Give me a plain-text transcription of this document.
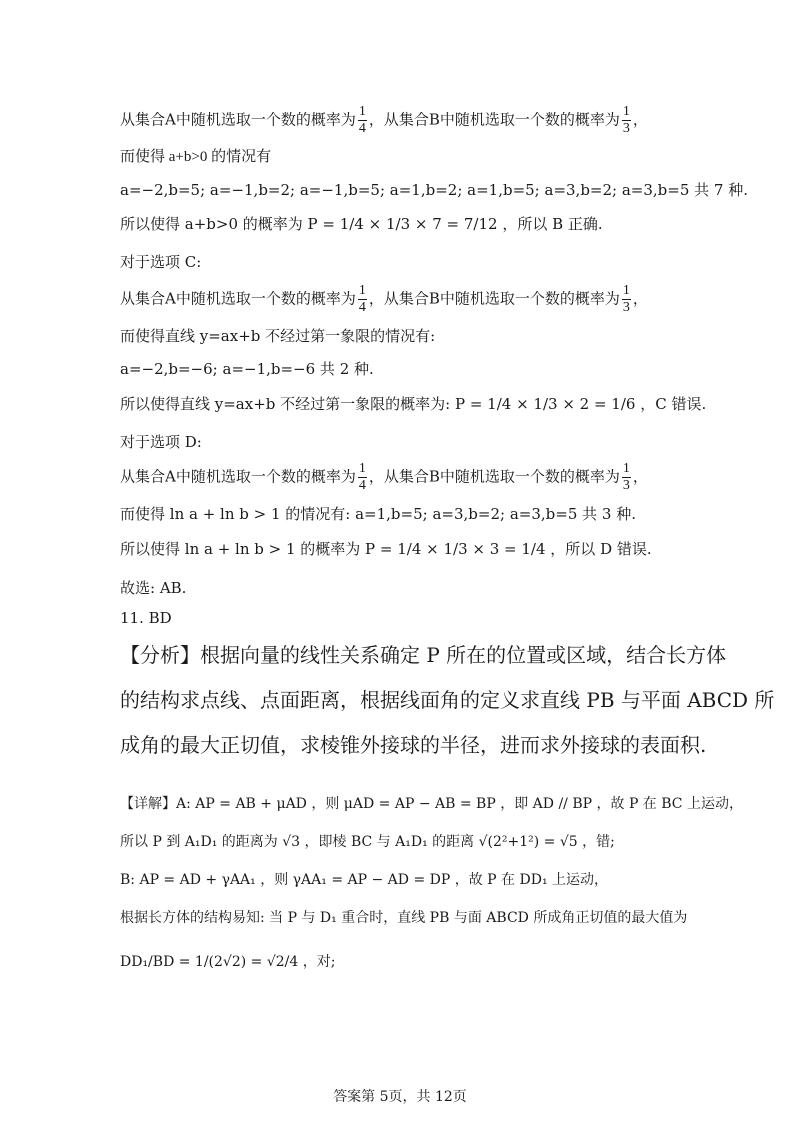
从集合A中随机选取一个数的概率为 $\frac{1}{4}$ ，从集合B中随机选取一个数的概率为 $\frac{1}{3}$ ，
而使得 a+b>0 的情况有
a=−2,b=5; a=−1,b=2; a=−1,b=5; a=1,b=2; a=1,b=5; a=3,b=2; a=3,b=5 共 7 种.
所以使得 a+b>0 的概率为 P = 1/4 × 1/3 × 7 = 7/12 ，所以 B 正确.
对于选项 C:
从集合A中随机选取一个数的概率为 $\frac{1}{4}$ ，从集合B中随机选取一个数的概率为 $\frac{1}{3}$ ，
而使得直线 y=ax+b 不经过第一象限的情况有:
a=−2,b=−6; a=−1,b=−6 共 2 种.
所以使得直线 y=ax+b 不经过第一象限的概率为: P = 1/4 × 1/3 × 2 = 1/6 ，C 错误.
对于选项 D:
从集合A中随机选取一个数的概率为 $\frac{1}{4}$ ，从集合B中随机选取一个数的概率为 $\frac{1}{3}$ ，
而使得 ln a + ln b > 1 的情况有: a=1,b=5; a=3,b=2; a=3,b=5 共 3 种.
所以使得 ln a + ln b > 1 的概率为 P = 1/4 × 1/3 × 3 = 1/4 ，所以 D 错误.
故选: AB.
11. BD
【分析】根据向量的线性关系确定 P 所在的位置或区域，结合长方体
的结构求点线、点面距离，根据线面角的定义求直线 PB 与平面 ABCD 所
成角的最大正切值，求棱锥外接球的半径，进而求外接球的表面积.
【详解】A: AP = AB + μAD ，则 μAD = AP − AB = BP ，即 AD // BP ，故 P 在 BC 上运动，
所以 P 到 A₁D₁ 的距离为 √3 ，即棱 BC 与 A₁D₁ 的距离 √(2²+1²) = √5 ，错;
B: AP = AD + γAA₁ ，则 γAA₁ = AP − AD = DP ，故 P 在 DD₁ 上运动，
根据长方体的结构易知: 当 P 与 D₁ 重合时，直线 PB 与面 ABCD 所成角正切值的最大值为
DD₁/BD = 1/(2√2) = √2/4 ，对;
答案第 5页，共 12页
